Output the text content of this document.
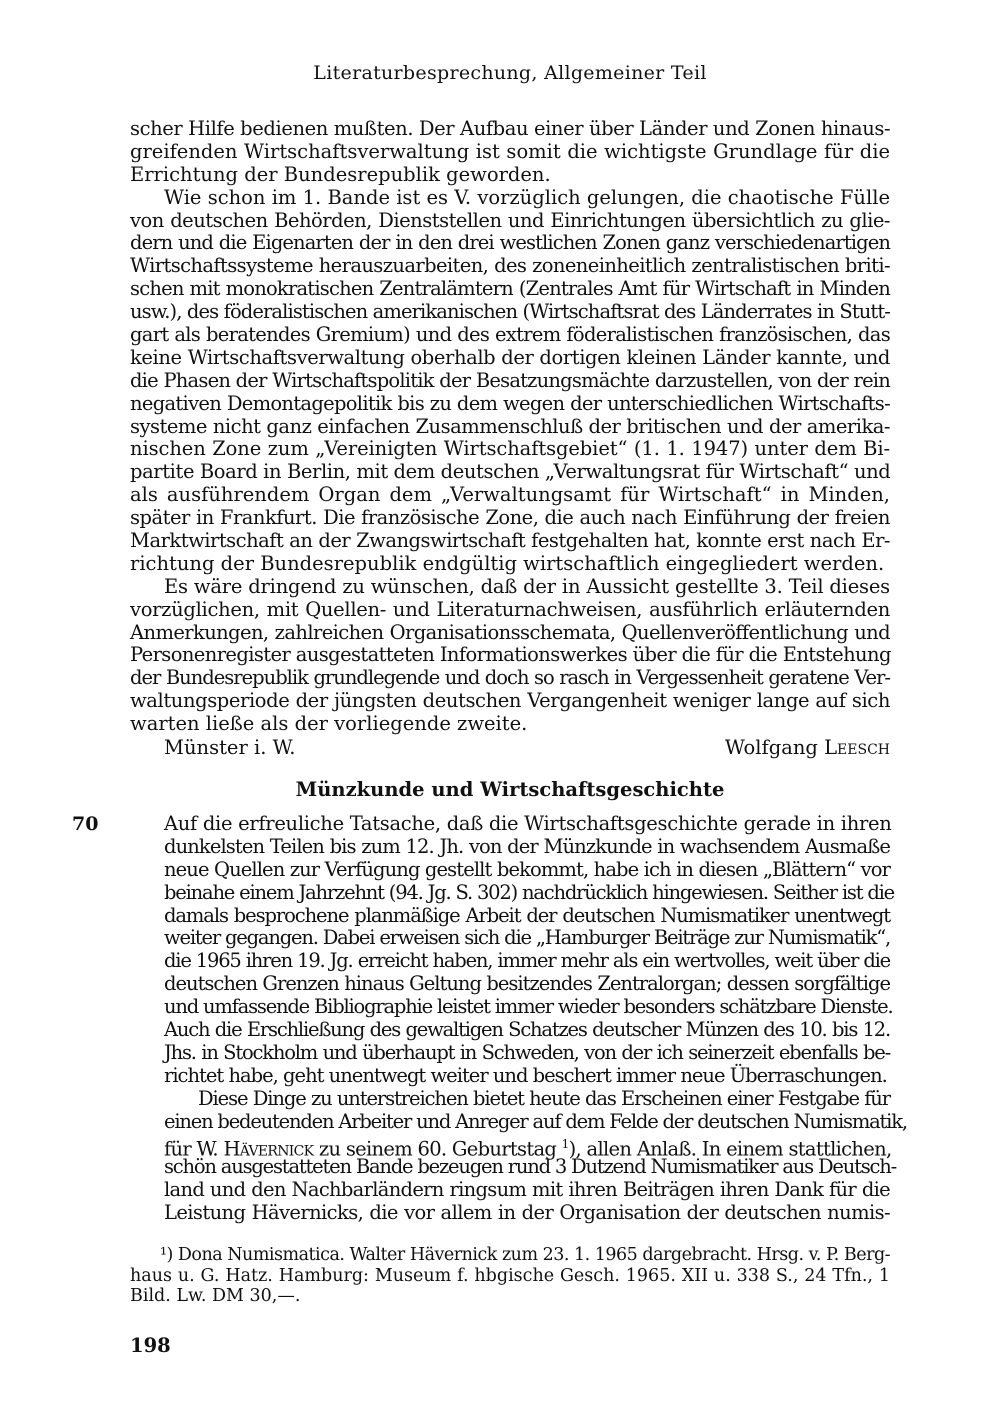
Literaturbesprechung, Allgemeiner Teil
scher Hilfe bedienen mußten. Der Aufbau einer über Länder und Zonen hinaus-
greifenden Wirtschaftsverwaltung ist somit die wichtigste Grundlage für die
Errichtung der Bundesrepublik geworden.
Wie schon im 1. Bande ist es V. vorzüglich gelungen, die chaotische Fülle
von deutschen Behörden, Dienststellen und Einrichtungen übersichtlich zu glie-
dern und die Eigenarten der in den drei westlichen Zonen ganz verschiedenartigen
Wirtschaftssysteme herauszuarbeiten, des zoneneinheitlich zentralistischen briti-
schen mit monokratischen Zentralämtern (Zentrales Amt für Wirtschaft in Minden
usw.), des föderalistischen amerikanischen (Wirtschaftsrat des Länderrates in Stutt-
gart als beratendes Gremium) und des extrem föderalistischen französischen, das
keine Wirtschaftsverwaltung oberhalb der dortigen kleinen Länder kannte, und
die Phasen der Wirtschaftspolitik der Besatzungsmächte darzustellen, von der rein
negativen Demontagepolitik bis zu dem wegen der unterschiedlichen Wirtschafts-
systeme nicht ganz einfachen Zusammenschluß der britischen und der amerika-
nischen Zone zum „Vereinigten Wirtschaftsgebiet“ (1. 1. 1947) unter dem Bi-
partite Board in Berlin, mit dem deutschen „Verwaltungsrat für Wirtschaft“ und
als ausführendem Organ dem „Verwaltungsamt für Wirtschaft“ in Minden,
später in Frankfurt. Die französische Zone, die auch nach Einführung der freien
Marktwirtschaft an der Zwangswirtschaft festgehalten hat, konnte erst nach Er-
richtung der Bundesrepublik endgültig wirtschaftlich eingegliedert werden.
Es wäre dringend zu wünschen, daß der in Aussicht gestellte 3. Teil dieses
vorzüglichen, mit Quellen- und Literaturnachweisen, ausführlich erläuternden
Anmerkungen, zahlreichen Organisationsschemata, Quellenveröffentlichung und
Personenregister ausgestatteten Informationswerkes über die für die Entstehung
der Bundesrepublik grundlegende und doch so rasch in Vergessenheit geratene Ver-
waltungsperiode der jüngsten deutschen Vergangenheit weniger lange auf sich
warten ließe als der vorliegende zweite.
Münster i. W.	Wolfgang Leesch
Münzkunde und Wirtschaftsgeschichte
70	Auf die erfreuliche Tatsache, daß die Wirtschaftsgeschichte gerade in ihren
dunkelsten Teilen bis zum 12. Jh. von der Münzkunde in wachsendem Ausmaße
neue Quellen zur Verfügung gestellt bekommt, habe ich in diesen „Blättern“ vor
beinahe einem Jahrzehnt (94. Jg. S. 302) nachdrücklich hingewiesen. Seither ist die
damals besprochene planmäßige Arbeit der deutschen Numismatiker unentwegt
weiter gegangen. Dabei erweisen sich die „Hamburger Beiträge zur Numismatik“,
die 1965 ihren 19. Jg. erreicht haben, immer mehr als ein wertvolles, weit über die
deutschen Grenzen hinaus Geltung besitzendes Zentralorgan; dessen sorgfältige
und umfassende Bibliographie leistet immer wieder besonders schätzbare Dienste.
Auch die Erschließung des gewaltigen Schatzes deutscher Münzen des 10. bis 12.
Jhs. in Stockholm und überhaupt in Schweden, von der ich seinerzeit ebenfalls be-
richtet habe, geht unentwegt weiter und beschert immer neue Überraschungen.
Diese Dinge zu unterstreichen bietet heute das Erscheinen einer Festgabe für
einen bedeutenden Arbeiter und Anreger auf dem Felde der deutschen Numismatik,
für W. Hävernick zu seinem 60. Geburtstag $^1$), allen Anlaß. In einem stattlichen,
schön ausgestatteten Bande bezeugen rund 3 Dutzend Numismatiker aus Deutsch-
land und den Nachbarländern ringsum mit ihren Beiträgen ihren Dank für die
Leistung Hävernicks, die vor allem in der Organisation der deutschen numis-
¹) Dona Numismatica. Walter Hävernick zum 23. 1. 1965 dargebracht. Hrsg. v. P. Berg-
haus u. G. Hatz. Hamburg: Museum f. hbgische Gesch. 1965. XII u. 338 S., 24 Tfn., 1
Bild. Lw. DM 30,—.
198
